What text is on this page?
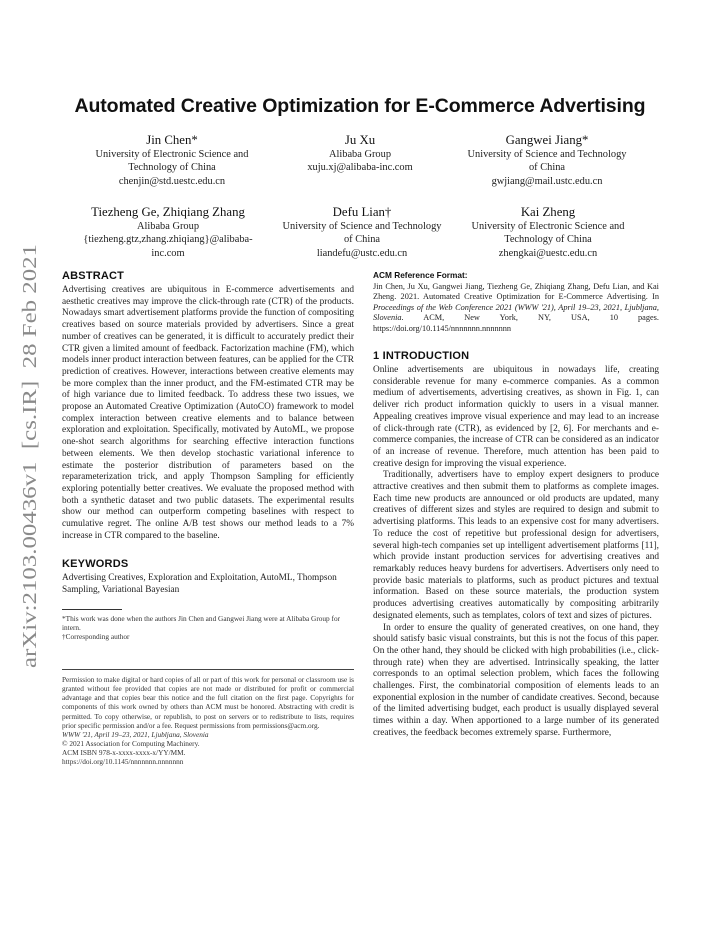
arXiv:2103.00436v1  [cs.IR]  28 Feb 2021
Automated Creative Optimization for E-Commerce Advertising
Jin Chen*
University of Electronic Science and
Technology of China
chenjin@std.uestc.edu.cn
Ju Xu
Alibaba Group
xuju.xj@alibaba-inc.com
Gangwei Jiang*
University of Science and Technology
of China
gwjiang@mail.ustc.edu.cn
Tiezheng Ge, Zhiqiang Zhang
Alibaba Group
{tiezheng.gtz,zhang.zhiqiang}@alibaba-
inc.com
Defu Lian†
University of Science and Technology
of China
liandefu@ustc.edu.cn
Kai Zheng
University of Electronic Science and
Technology of China
zhengkai@uestc.edu.cn
ABSTRACT

Advertising creatives are ubiquitous in E-commerce advertisements and aesthetic creatives may improve the click-through rate (CTR) of the products. Nowadays smart advertisement platforms provide the function of compositing creatives based on source materials provided by advertisers. Since a great number of creatives can be generated, it is difficult to accurately predict their CTR given a limited amount of feedback. Factorization machine (FM), which models inner product interaction between features, can be applied for the CTR prediction of creatives. However, interactions between creative elements may be more complex than the inner product, and the FM-estimated CTR may be of high variance due to limited feedback. To address these two issues, we propose an Automated Creative Optimization (AutoCO) framework to model complex interaction between creative elements and to balance between exploration and exploitation. Specifically, motivated by AutoML, we propose one-shot search algorithms for searching effective interaction functions between elements. We then develop stochastic variational inference to estimate the posterior distribution of parameters based on the reparameterization trick, and apply Thompson Sampling for efficiently exploring potentially better creatives. We evaluate the proposed method with both a synthetic dataset and two public datasets. The experimental results show our method can outperform competing baselines with respect to cumulative regret. The online A/B test shows our method leads to a 7% increase in CTR compared to the baseline.

KEYWORDS

Advertising Creatives, Exploration and Exploitation, AutoML, Thompson Sampling, Variational Bayesian

*This work was done when the authors Jin Chen and Gangwei Jiang were at Alibaba Group for intern.
†Corresponding author
Permission to make digital or hard copies of all or part of this work for personal or classroom use is granted without fee provided that copies are not made or distributed for profit or commercial advantage and that copies bear this notice and the full citation on the first page. Copyrights for components of this work owned by others than ACM must be honored. Abstracting with credit is permitted. To copy otherwise, or republish, to post on servers or to redistribute to lists, requires prior specific permission and/or a fee. Request permissions from permissions@acm.org.
WWW '21, April 19–23, 2021, Ljubljana, Slovenia
© 2021 Association for Computing Machinery.
ACM ISBN 978-x-xxxx-xxxx-x/YY/MM.
https://doi.org/10.1145/nnnnnnn.nnnnnnn
ACM Reference Format:

Jin Chen, Ju Xu, Gangwei Jiang, Tiezheng Ge, Zhiqiang Zhang, Defu Lian, and Kai Zheng. 2021. Automated Creative Optimization for E-Commerce Advertising. In Proceedings of the Web Conference 2021 (WWW '21), April 19–23, 2021, Ljubljana, Slovenia. ACM, New York, NY, USA, 10 pages. https://doi.org/10.1145/nnnnnnn.nnnnnnn

1 INTRODUCTION

Online advertisements are ubiquitous in nowadays life, creating considerable revenue for many e-commerce companies. As a common medium of advertisements, advertising creatives, as shown in Fig. 1, can deliver rich product information quickly to users in a visual manner. Appealing creatives improve visual experience and may lead to an increase of click-through rate (CTR), as evidenced by [2, 6]. For merchants and e-commerce companies, the increase of CTR can be considered as an indicator of an increase of revenue. Therefore, much attention has been paid to creative design for improving the visual experience.

Traditionally, advertisers have to employ expert designers to produce attractive creatives and then submit them to platforms as complete images. Each time new products are announced or old products are updated, many creatives of different sizes and styles are required to design and submit to advertising platforms. This leads to an expensive cost for many advertisers. To reduce the cost of repetitive but professional design for advertisers, several high-tech companies set up intelligent advertisement platforms [11], which provide instant production services for advertising creatives and remarkably reduces heavy burdens for advertisers. Advertisers only need to provide basic materials to platforms, such as product pictures and textual information. Based on these source materials, the production system produces advertising creatives automatically by compositing arbitrarily designated elements, such as templates, colors of text and sizes of pictures.

In order to ensure the quality of generated creatives, on one hand, they should satisfy basic visual constraints, but this is not the focus of this paper. On the other hand, they should be clicked with high probabilities (i.e., click-through rate) when they are advertised. Intrinsically speaking, the latter corresponds to an optimal selection problem, which faces the following challenges. First, the combinatorial composition of elements leads to an exponential explosion in the number of candidate creatives. Second, because of the limited advertising budget, each product is usually displayed several times within a day. When apportioned to a large number of its generated creatives, the feedback becomes extremely sparse. Furthermore,
